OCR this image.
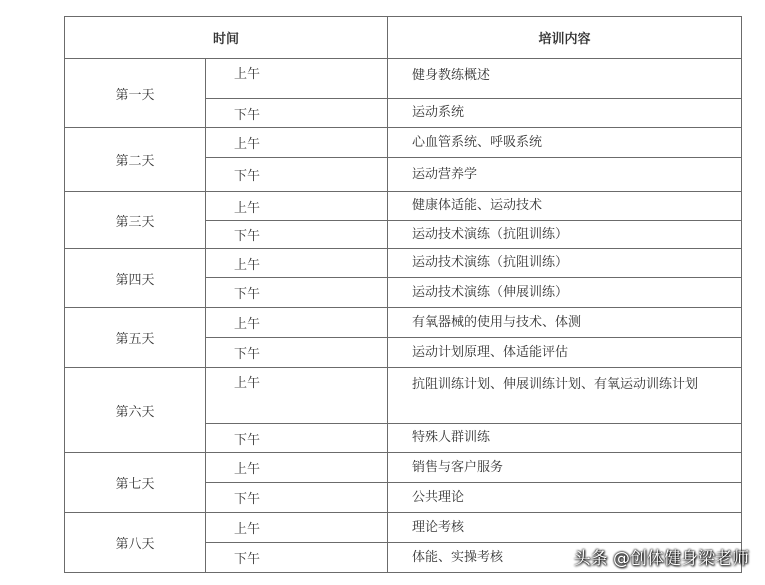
时间		培训内容
第一天	上午	健身教练概述
	下午	运动系统
第二天	上午	心血管系统、呼吸系统
	下午	运动营养学
第三天	上午	健康体适能、运动技术
	下午	运动技术演练（抗阻训练）
第四天	上午	运动技术演练（抗阻训练）
	下午	运动技术演练（伸展训练）
第五天	上午	有氧器械的使用与技术、体测
	下午	运动计划原理、体适能评估
第六天	上午	抗阻训练计划、伸展训练计划、有氧运动训练计划
	下午	特殊人群训练
第七天	上午	销售与客户服务
	下午	公共理论
第八天	上午	理论考核
	下午	体能、实操考核	头条 @创体健身梁老师
